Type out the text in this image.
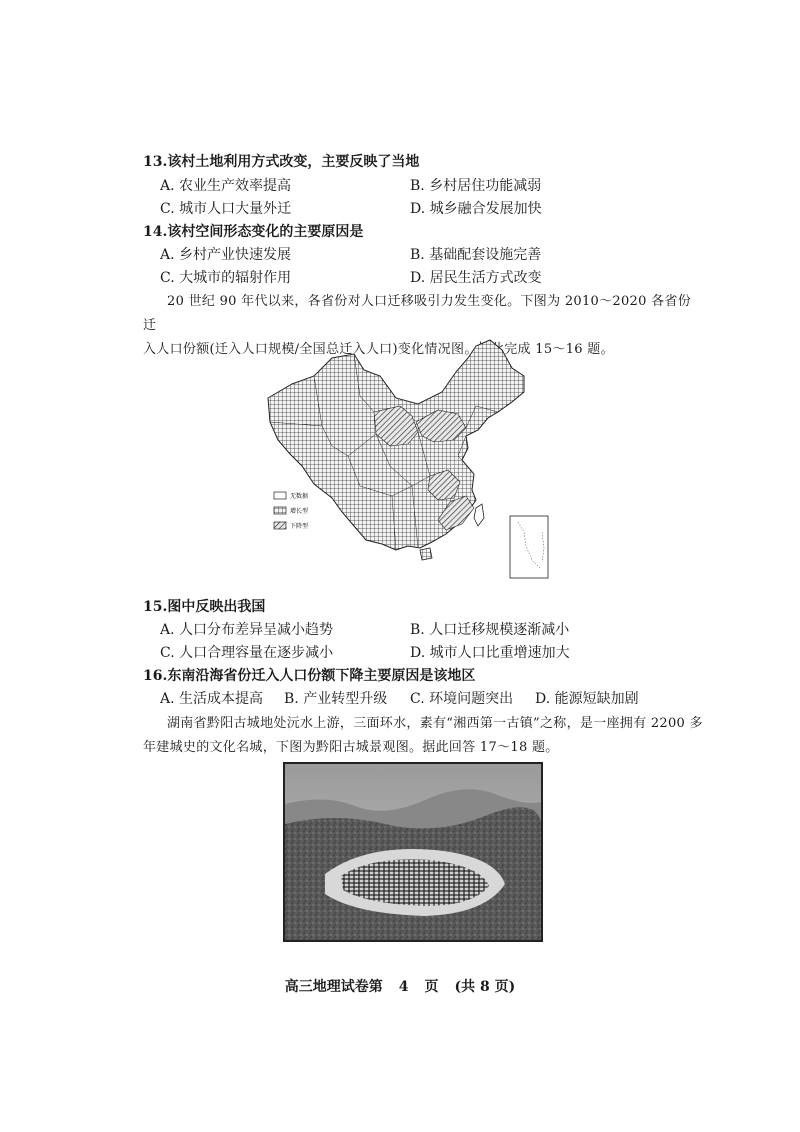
13.该村土地利用方式改变，主要反映了当地
A. 农业生产效率提高	B. 乡村居住功能减弱
C. 城市人口大量外迁	D. 城乡融合发展加快
14.该村空间形态变化的主要原因是
A. 乡村产业快速发展	B. 基础配套设施完善
C. 大城市的辐射作用	D. 居民生活方式改变
20 世纪 90 年代以来，各省份对人口迁移吸引力发生变化。下图为 2010～2020 各省份迁
入人口份额(迁入人口规模/全国总迁入人口)变化情况图。据此完成 15～16 题。
无数据
增长型
下降型
15.图中反映出我国
A. 人口分布差异呈减小趋势	B. 人口迁移规模逐渐减小
C. 人口合理容量在逐步减小	D. 城市人口比重增速加大
16.东南沿海省份迁入人口份额下降主要原因是该地区
A. 生活成本提高 B. 产业转型升级 C. 环境问题突出 D. 能源短缺加剧
湖南省黔阳古城地处沅水上游，三面环水，素有“湘西第一古镇”之称，是一座拥有 2200 多
年建城史的文化名城，下图为黔阳古城景观图。据此回答 17～18 题。
高三地理试卷第 4 页 (共 8 页)
